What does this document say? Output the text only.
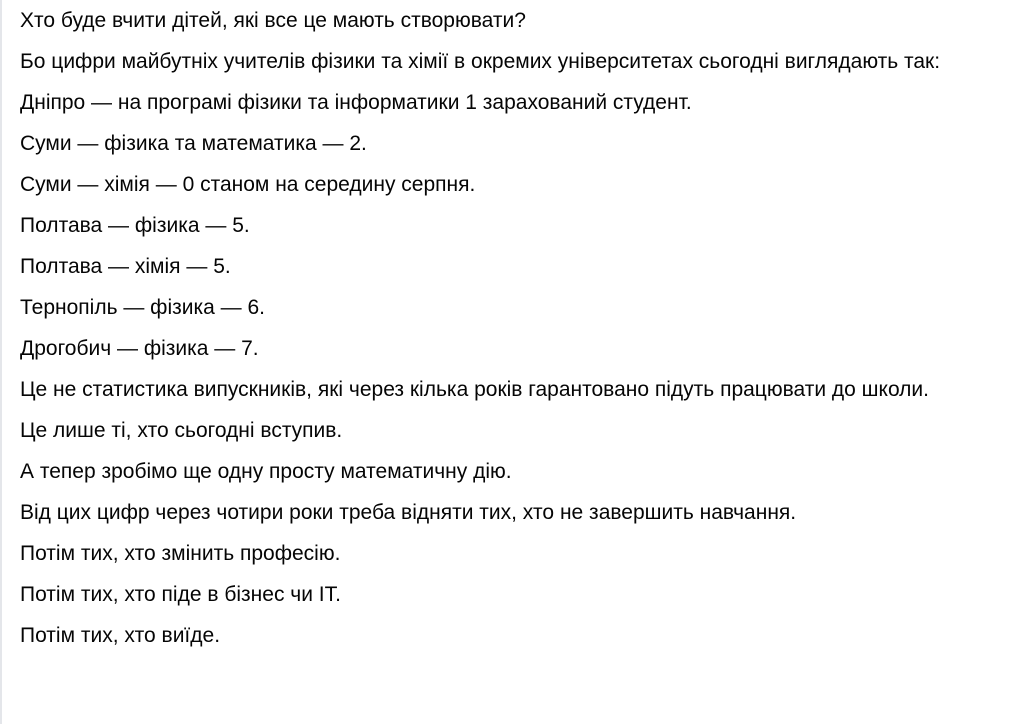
Хто буде вчити дітей, які все це мають створювати?

Бо цифри майбутніх учителів фізики та хімії в окремих університетах сьогодні виглядають так:

Дніпро — на програмі фізики та інформатики 1 зарахований студент.

Суми — фізика та математика — 2.

Суми — хімія — 0 станом на середину серпня.

Полтава — фізика — 5.

Полтава — хімія — 5.

Тернопіль — фізика — 6.

Дрогобич — фізика — 7.

Це не статистика випускників, які через кілька років гарантовано підуть працювати до школи.

Це лише ті, хто сьогодні вступив.

А тепер зробімо ще одну просту математичну дію.

Від цих цифр через чотири роки треба відняти тих, хто не завершить навчання.

Потім тих, хто змінить професію.

Потім тих, хто піде в бізнес чи IT.

Потім тих, хто виїде.
